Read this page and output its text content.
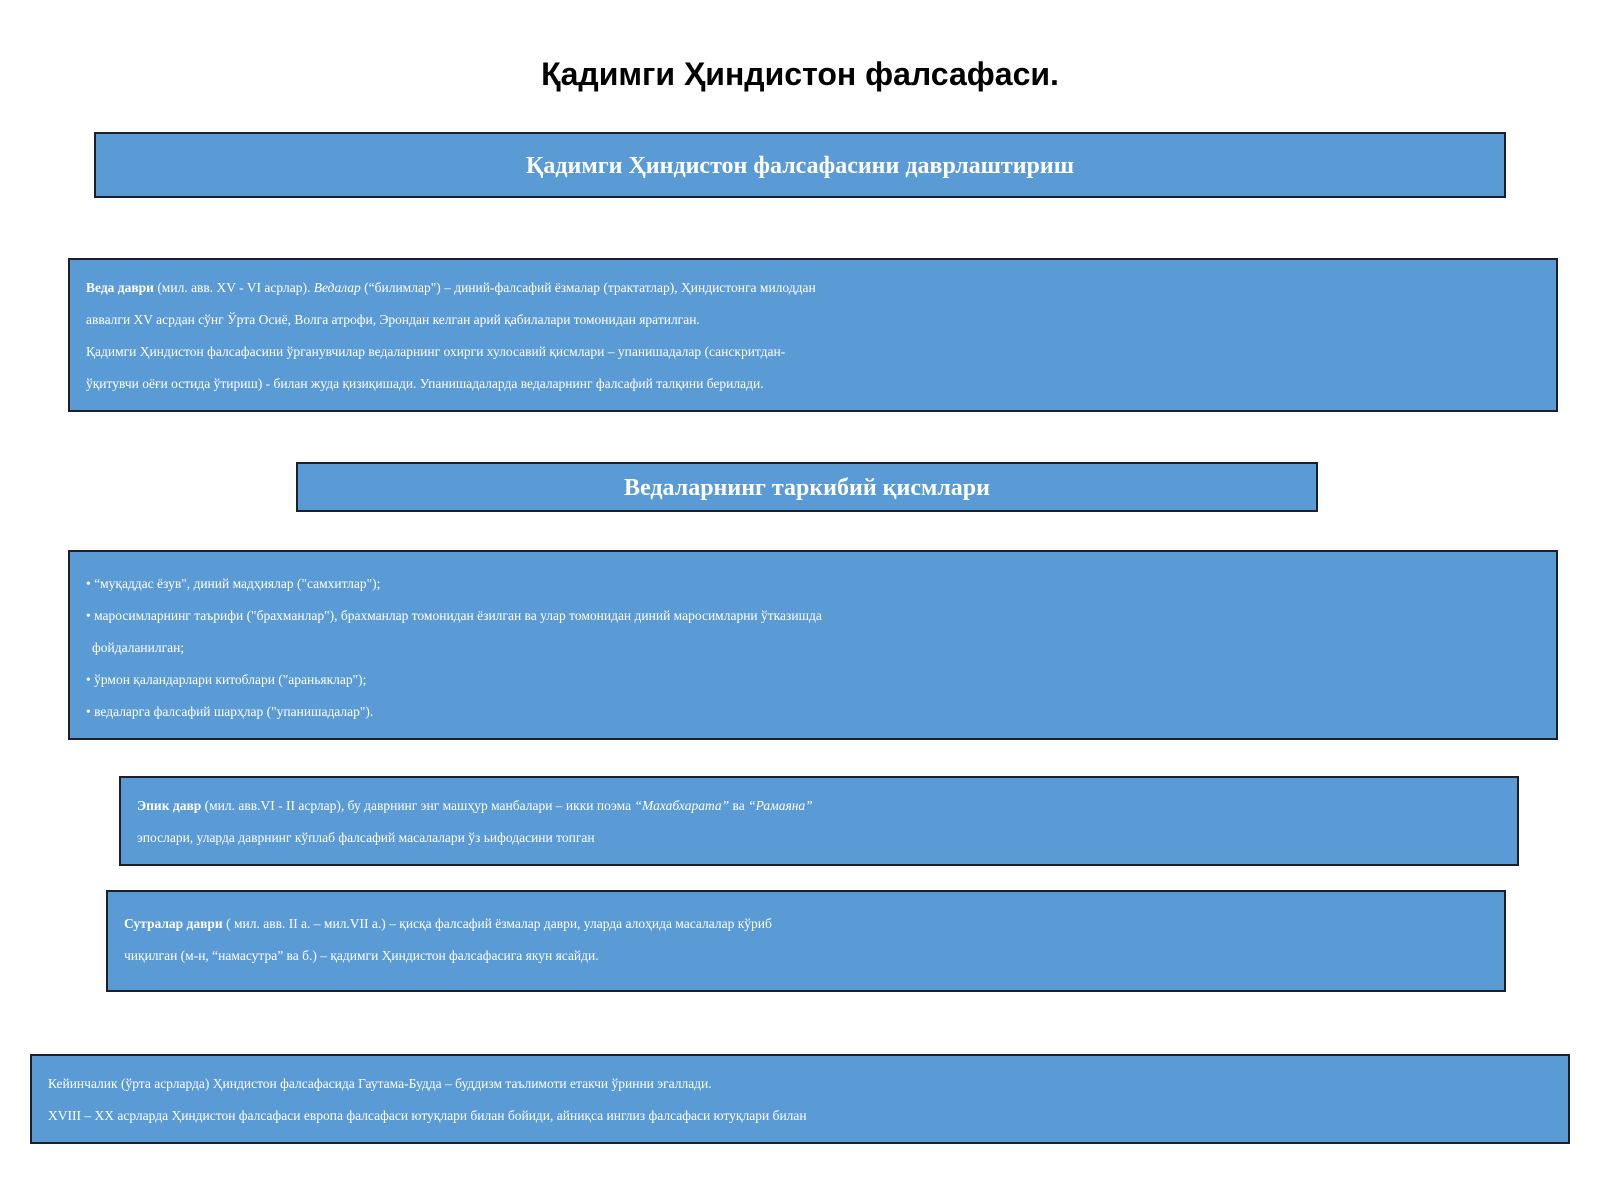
Қадимги Ҳиндистон фалсафаси.
Қадимги Ҳиндистон фалсафасини даврлаштириш
Веда даври (мил. авв. XV - VI асрлар). Ведалар (“билимлар") – диний-фалсафий ёзмалар (трактатлар), Ҳиндистонга милоддан
аввалги XV асрдан сўнг Ўрта Осиё, Волга атрофи, Эрондан келган арий қабилалари томонидан яратилган.
Қадимги Ҳиндистон фалсафасини ўрганувчилар ведаларнинг охирги хулосавий қисмлари – упанишадалар (санскритдан-
ўқитувчи оёғи остида ўтириш) - билан жуда қизиқишади. Упанишадаларда ведаларнинг фалсафий талқини берилади.
Ведаларнинг таркибий қисмлари
• “муқаддас ёзув", диний мадҳиялар ("самхитлар");
• маросимларнинг таърифи ("брахманлар"), брахманлар томонидан ёзилган ва улар томонидан диний маросимларни ўтказишда
фойдаланилган;
• ўрмон қаландарлари китоблари ("араньяклар");
• ведаларга фалсафий шарҳлар ("упанишадалар").
Эпик давр (мил. авв.VI - II асрлар), бу даврнинг энг машҳур манбалари – икки поэма “Махабхарата” ва “Рамаяна”
эпослари, уларда даврнинг кўплаб фалсафий масалалари ўз ьифодасини топган
Сутралар даври ( мил. авв. II а. – мил.VII а.) – қисқа фалсафий ёзмалар даври, уларда алоҳида масалалар кўриб
чиқилган (м-н, “намасутра” ва б.) – қадимги Ҳиндистон фалсафасига якун ясайди.
Кейинчалик (ўрта асрларда) Ҳиндистон фалсафасида Гаутама-Будда – буддизм таълимоти етакчи ўринни эгаллади.
XVIII – XX асрларда Ҳиндистон фалсафаси европа фалсафаси ютуқлари билан бойиди, айниқса инглиз фалсафаси ютуқлари билан
